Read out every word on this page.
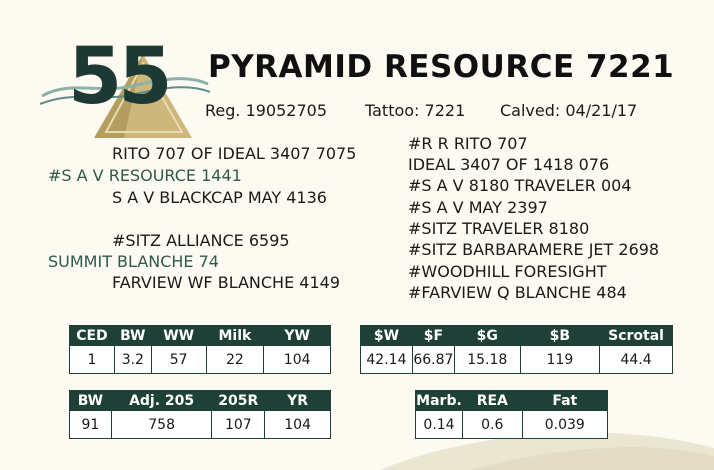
55 PYRAMID RESOURCE 7221
Reg. 19052705 Tattoo: 7221 Calved: 04/21/17
RITO 707 OF IDEAL 3407 7075
#S A V RESOURCE 1441
S A V BLACKCAP MAY 4136
#SITZ ALLIANCE 6595
SUMMIT BLANCHE 74
FARVIEW WF BLANCHE 4149
#R R RITO 707
IDEAL 3407 OF 1418 076
#S A V 8180 TRAVELER 004
#S A V MAY 2397
#SITZ TRAVELER 8180
#SITZ BARBARAMERE JET 2698
#WOODHILL FORESIGHT
#FARVIEW Q BLANCHE 484
CED	BW	WW	Milk	YW
1	3.2	57	22	104
$W	$F	$G	$B	Scrotal
42.14	66.87	15.18	119	44.4
BW	Adj. 205	205R	YR
91	758	107	104
Marb.	REA	Fat
0.14	0.6	0.039
